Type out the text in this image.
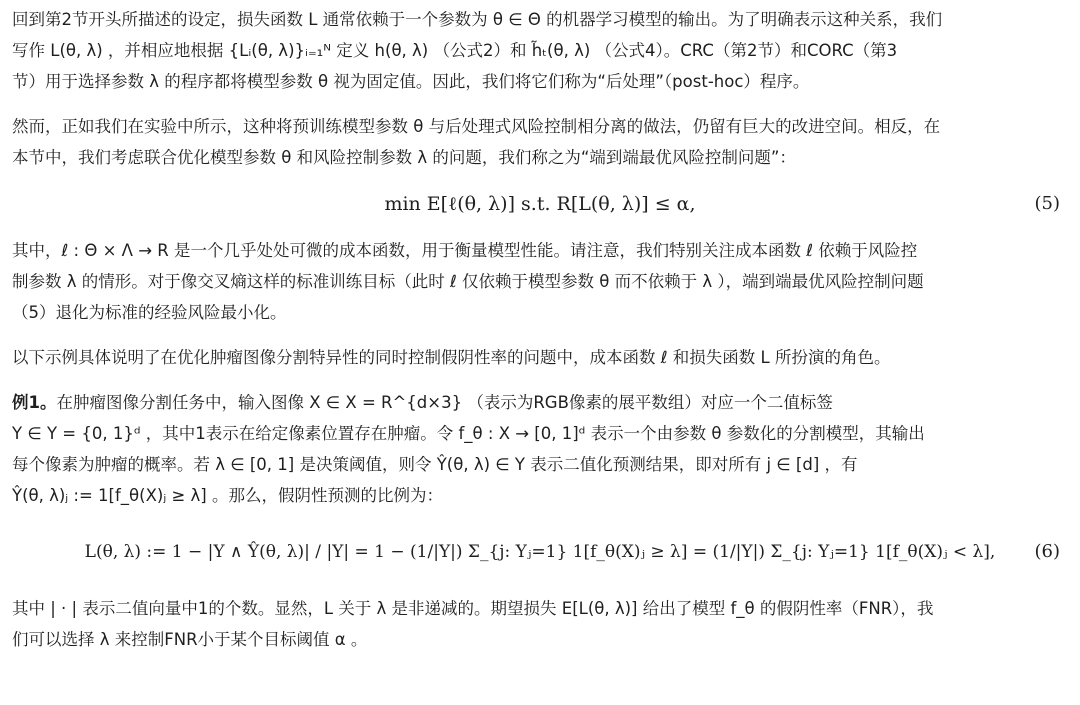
回到第2节开头所描述的设定，损失函数 L 通常依赖于一个参数为 θ ∈ Θ 的机器学习模型的输出。为了明确表示这种关系，我们

写作 L(θ, λ) ，并相应地根据 {Lᵢ(θ, λ)}ᵢ₌₁ᴺ 定义 h(θ, λ) （公式2）和 h̃ₜ(θ, λ) （公式4）。CRC（第2节）和CORC（第3

节）用于选择参数 λ 的程序都将模型参数 θ 视为固定值。因此，我们将它们称为“后处理”（post-hoc）程序。

然而，正如我们在实验中所示，这种将预训练模型参数 θ 与后处理式风险控制相分离的做法，仍留有巨大的改进空间。相反，在

本节中，我们考虑联合优化模型参数 θ 和风险控制参数 λ 的问题，我们称之为“端到端最优风险控制问题”：

min E[ℓ(θ, λ)] s.t. R[L(θ, λ)] ≤ α,	(5)

其中，ℓ : Θ × Λ → R 是一个几乎处处可微的成本函数，用于衡量模型性能。请注意，我们特别关注成本函数 ℓ 依赖于风险控

制参数 λ 的情形。对于像交叉熵这样的标准训练目标（此时 ℓ 仅依赖于模型参数 θ 而不依赖于 λ ），端到端最优风险控制问题

（5）退化为标准的经验风险最小化。

以下示例具体说明了在优化肿瘤图像分割特异性的同时控制假阴性率的问题中，成本函数 ℓ 和损失函数 L 所扮演的角色。

例1。在肿瘤图像分割任务中，输入图像 X ∈ X = R^{d×3} （表示为RGB像素的展平数组）对应一个二值标签

Y ∈ Y = {0, 1}ᵈ ，其中1表示在给定像素位置存在肿瘤。令 f_θ : X → [0, 1]ᵈ 表示一个由参数 θ 参数化的分割模型，其输出

每个像素为肿瘤的概率。若 λ ∈ [0, 1] 是决策阈值，则令 Ŷ(θ, λ) ∈ Y 表示二值化预测结果，即对所有 j ∈ [d] ，有

Ŷ(θ, λ)ⱼ := 1[f_θ(X)ⱼ ≥ λ] 。那么，假阴性预测的比例为：

L(θ, λ) := 1 − |Y ∧ Ŷ(θ, λ)| / |Y| = 1 − (1/|Y|) Σ_{j: Yⱼ=1} 1[f_θ(X)ⱼ ≥ λ] = (1/|Y|) Σ_{j: Yⱼ=1} 1[f_θ(X)ⱼ < λ], (6)

其中 | · | 表示二值向量中1的个数。显然，L 关于 λ 是非递减的。期望损失 E[L(θ, λ)] 给出了模型 f_θ 的假阴性率（FNR），我

们可以选择 λ 来控制FNR小于某个目标阈值 α 。
